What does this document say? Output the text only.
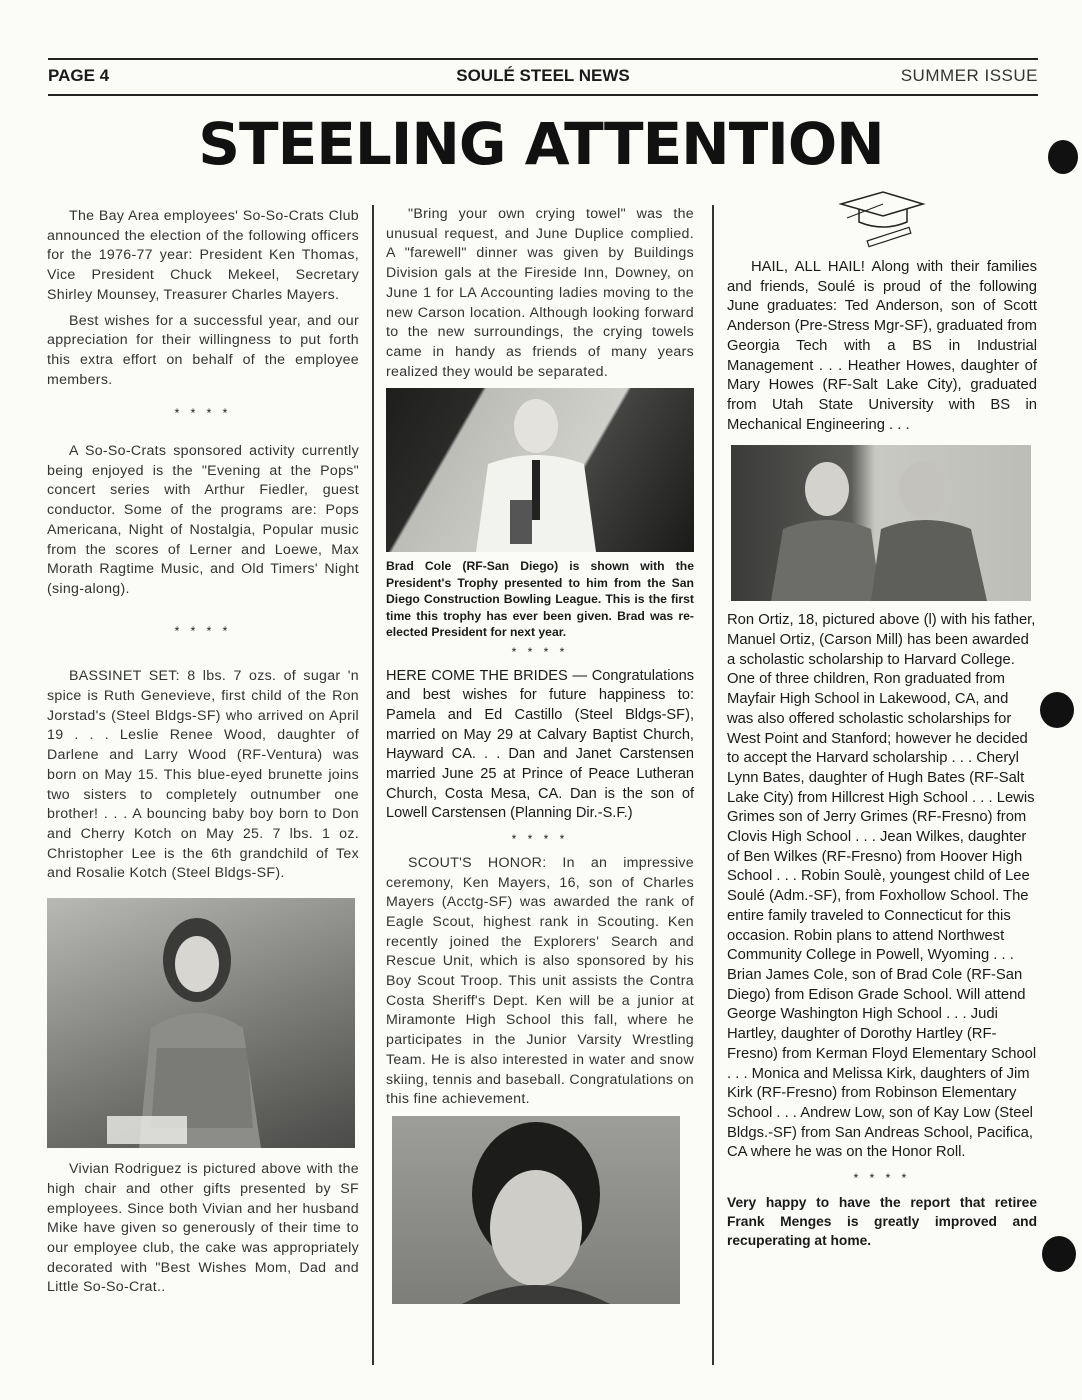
PAGE 4	SOULÉ STEEL NEWS	SUMMER ISSUE
STEELING ATTENTION

The Bay Area employees' So-So-Crats Club announced the election of the following officers for the 1976-77 year: President Ken Thomas, Vice President Chuck Mekeel, Secretary Shirley Mounsey, Treasurer Charles Mayers.

Best wishes for a successful year, and our appreciation for their willingness to put forth this extra effort on behalf of the employee members.

* * * *

A So-So-Crats sponsored activity currently being enjoyed is the "Evening at the Pops" concert series with Arthur Fiedler, guest conductor. Some of the programs are: Pops Americana, Night of Nostalgia, Popular music from the scores of Lerner and Loewe, Max Morath Ragtime Music, and Old Timers' Night (sing-along).

* * * *

BASSINET SET: 8 lbs. 7 ozs. of sugar 'n spice is Ruth Genevieve, first child of the Ron Jorstad's (Steel Bldgs-SF) who arrived on April 19 . . . Leslie Renee Wood, daughter of Darlene and Larry Wood (RF-Ventura) was born on May 15. This blue-eyed brunette joins two sisters to completely outnumber one brother! . . . A bouncing baby boy born to Don and Cherry Kotch on May 25. 7 lbs. 1 oz. Christopher Lee is the 6th grandchild of Tex and Rosalie Kotch (Steel Bldgs-SF).

Vivian Rodriguez is pictured above with the high chair and other gifts presented by SF employees. Since both Vivian and her husband Mike have given so generously of their time to our employee club, the cake was appropriately decorated with "Best Wishes Mom, Dad and Little So-So-Crat..

"Bring your own crying towel" was the unusual request, and June Duplice complied. A "farewell" dinner was given by Buildings Division gals at the Fireside Inn, Downey, on June 1 for LA Accounting ladies moving to the new Carson location. Although looking forward to the new surroundings, the crying towels came in handy as friends of many years realized they would be separated.

Brad Cole (RF-San Diego) is shown with the President's Trophy presented to him from the San Diego Construction Bowling League. This is the first time this trophy has ever been given. Brad was re-elected President for next year.
* * * *

HERE COME THE BRIDES — Congratulations and best wishes for future happiness to: Pamela and Ed Castillo (Steel Bldgs-SF), married on May 29 at Calvary Baptist Church, Hayward CA. . . Dan and Janet Carstensen married June 25 at Prince of Peace Lutheran Church, Costa Mesa, CA. Dan is the son of Lowell Carstensen (Planning Dir.-S.F.)

* * * *

SCOUT'S HONOR: In an impressive ceremony, Ken Mayers, 16, son of Charles Mayers (Acctg-SF) was awarded the rank of Eagle Scout, highest rank in Scouting. Ken recently joined the Explorers' Search and Rescue Unit, which is also sponsored by his Boy Scout Troop. This unit assists the Contra Costa Sheriff's Dept. Ken will be a junior at Miramonte High School this fall, where he participates in the Junior Varsity Wrestling Team. He is also interested in water and snow skiing, tennis and baseball. Congratulations on this fine achievement.

HAIL, ALL HAIL! Along with their families and friends, Soulé is proud of the following June graduates: Ted Anderson, son of Scott Anderson (Pre-Stress Mgr-SF), graduated from Georgia Tech with a BS in Industrial Management . . . Heather Howes, daughter of Mary Howes (RF-Salt Lake City), graduated from Utah State University with BS in Mechanical Engineering . . .

Ron Ortiz, 18, pictured above (l) with his father, Manuel Ortiz, (Carson Mill) has been awarded a scholastic scholarship to Harvard College. One of three children, Ron graduated from Mayfair High School in Lakewood, CA, and was also offered scholastic scholarships for West Point and Stanford; however he decided to accept the Harvard scholarship . . . Cheryl Lynn Bates, daughter of Hugh Bates (RF-Salt Lake City) from Hillcrest High School . . . Lewis Grimes son of Jerry Grimes (RF-Fresno) from Clovis High School . . . Jean Wilkes, daughter of Ben Wilkes (RF-Fresno) from Hoover High School . . . Robin Soulè, youngest child of Lee Soulé (Adm.-SF), from Foxhollow School. The entire family traveled to Connecticut for this occasion. Robin plans to attend Northwest Community College in Powell, Wyoming . . . Brian James Cole, son of Brad Cole (RF-San Diego) from Edison Grade School. Will attend George Washington High School . . . Judi Hartley, daughter of Dorothy Hartley (RF-Fresno) from Kerman Floyd Elementary School . . . Monica and Melissa Kirk, daughters of Jim Kirk (RF-Fresno) from Robinson Elementary School . . . Andrew Low, son of Kay Low (Steel Bldgs.-SF) from San Andreas School, Pacifica, CA where he was on the Honor Roll.

* * * *
Very happy to have the report that retiree Frank Menges is greatly improved and recuperating at home.
